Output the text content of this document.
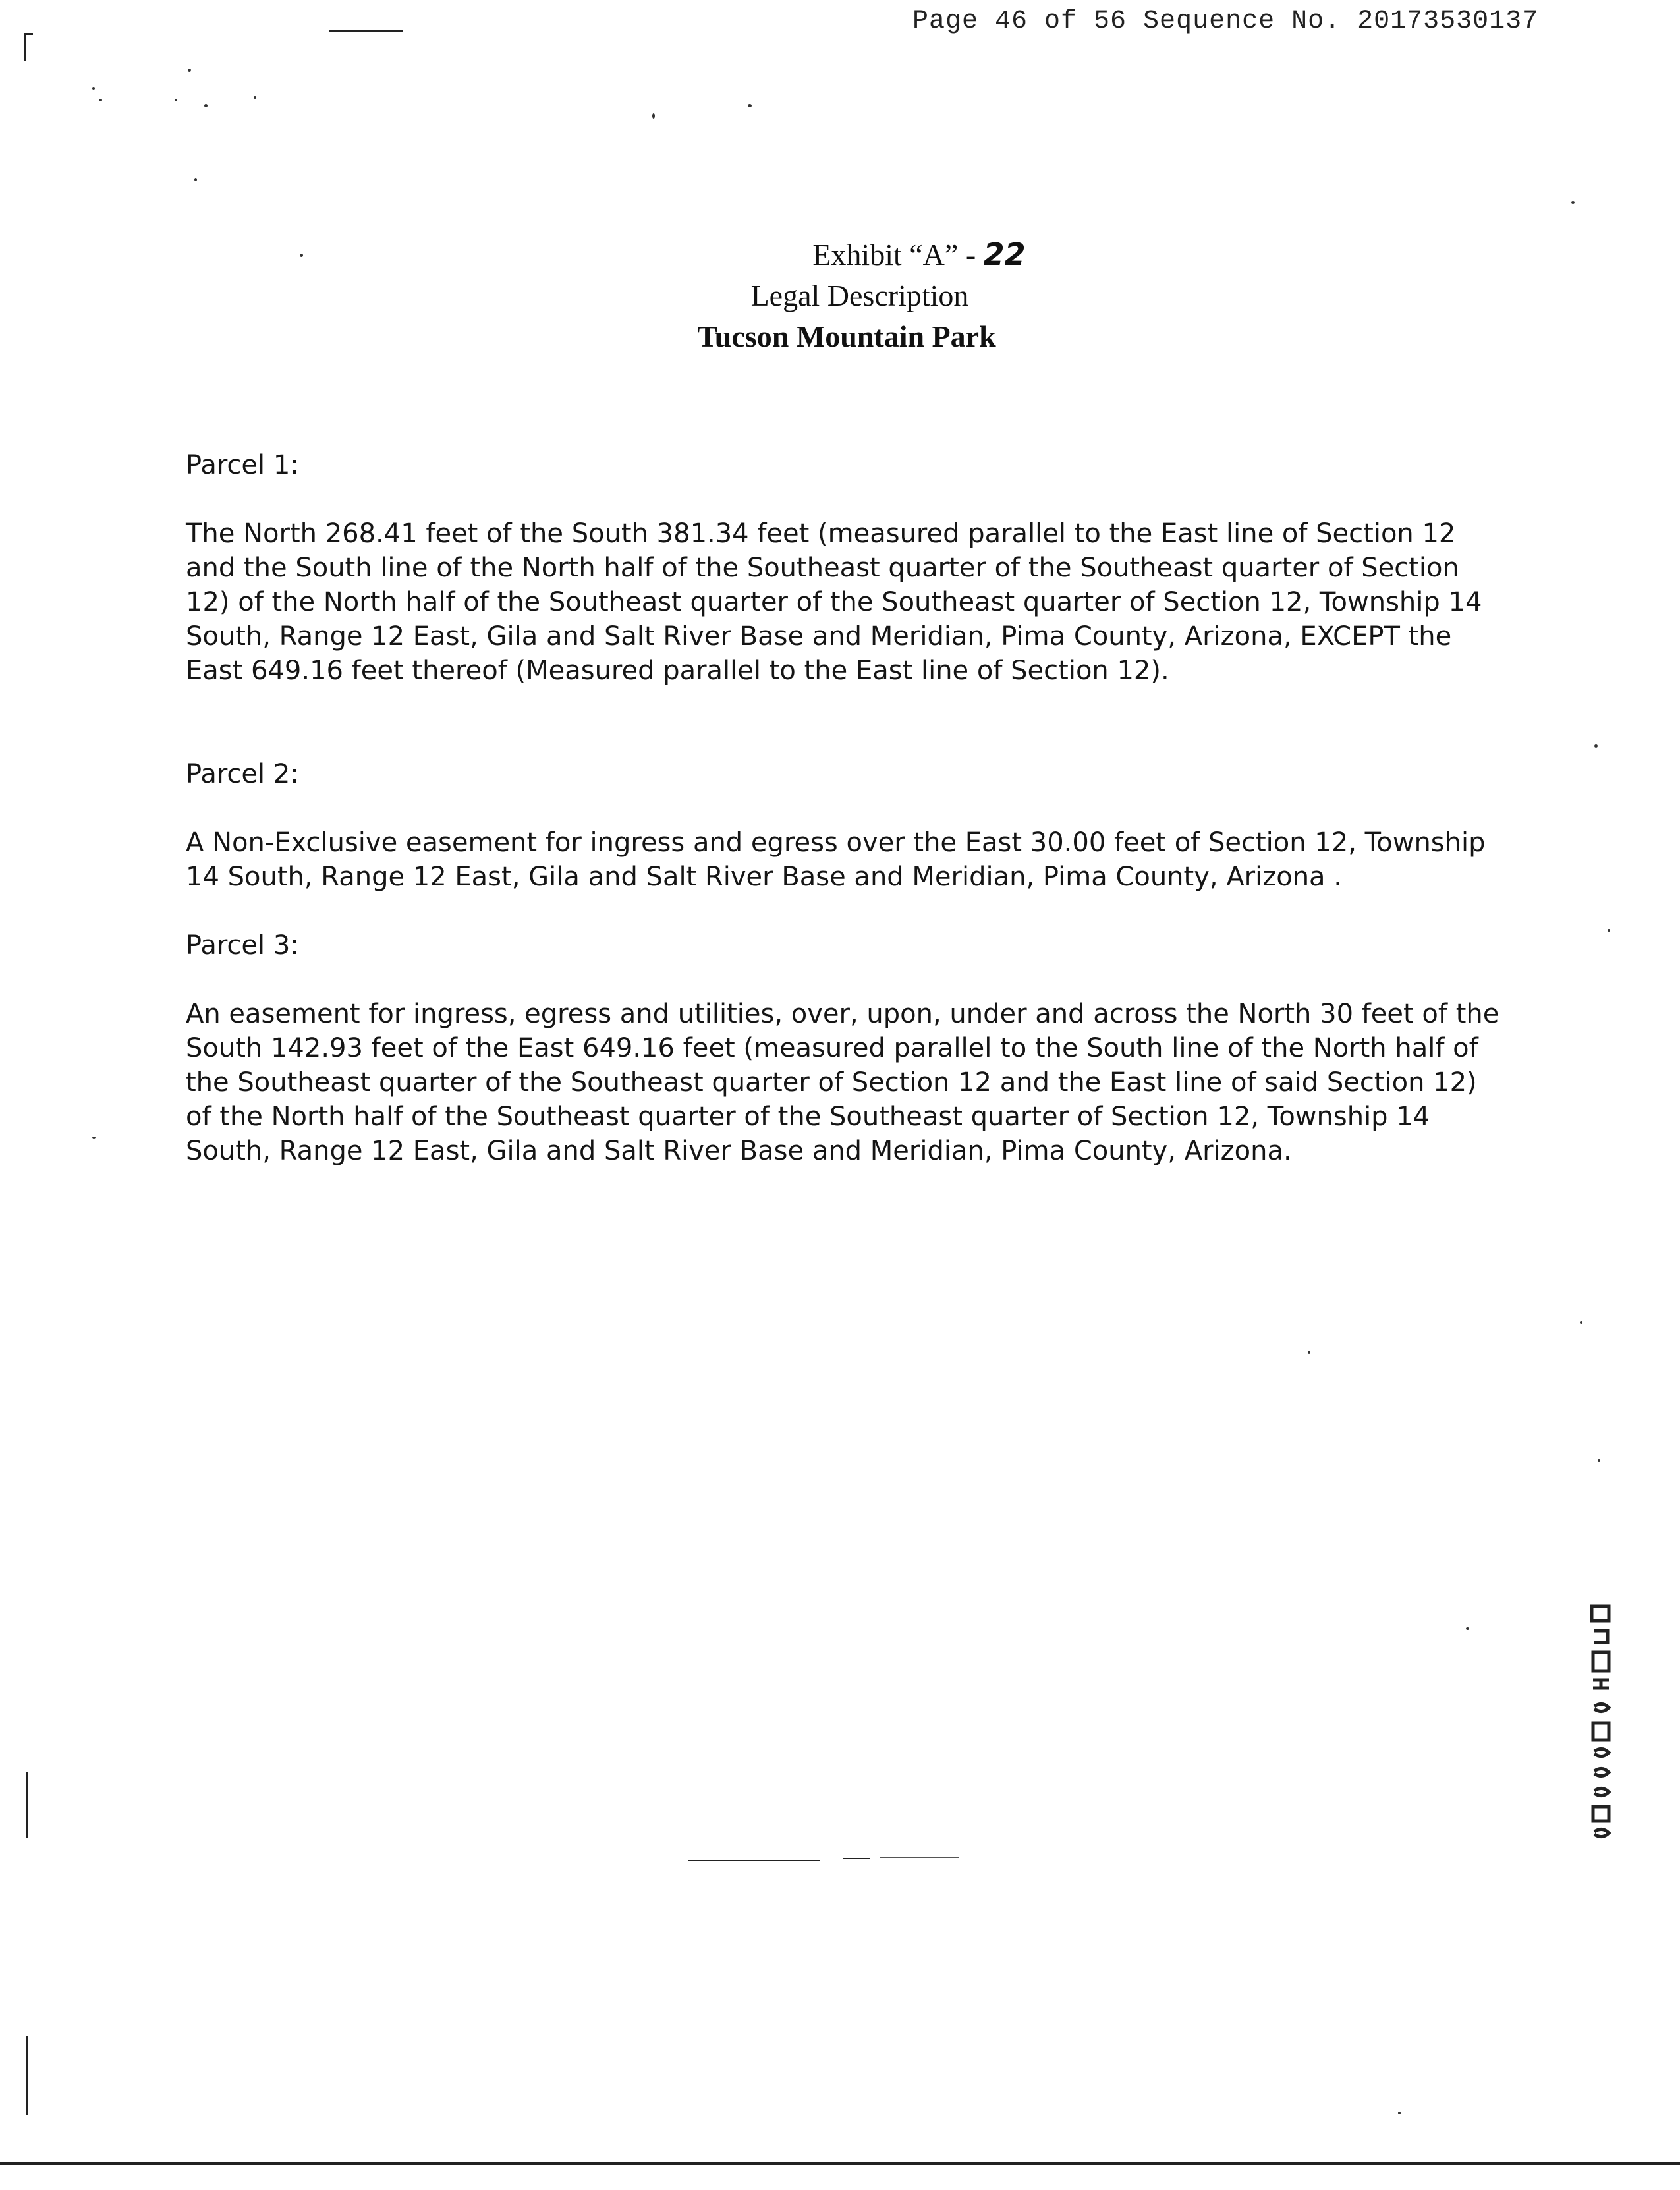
Page 46 of 56 Sequence No. 20173530137
Exhibit “A” - 22
Legal Description
Tucson Mountain Park

Parcel 1:

The North 268.41 feet of the South 381.34 feet (measured parallel to the East line of Section 12 and the South line of the North half of the Southeast quarter of the Southeast quarter of Section 12) of the North half of the Southeast quarter of the Southeast quarter of Section 12, Township 14 South, Range 12 East, Gila and Salt River Base and Meridian, Pima County, Arizona, EXCEPT the East 649.16 feet thereof (Measured parallel to the East line of Section 12).

Parcel 2:

A Non-Exclusive easement for ingress and egress over the East 30.00 feet of Section 12, Township 14 South, Range 12 East, Gila and Salt River Base and Meridian, Pima County, Arizona .

Parcel 3:

An easement for ingress, egress and utilities, over, upon, under and across the North 30 feet of the South 142.93 feet of the East 649.16 feet (measured parallel to the South line of the North half of the Southeast quarter of the Southeast quarter of Section 12 and the East line of said Section 12) of the North half of the Southeast quarter of the Southeast quarter of Section 12, Township 14 South, Range 12 East, Gila and Salt River Base and Meridian, Pima County, Arizona.
